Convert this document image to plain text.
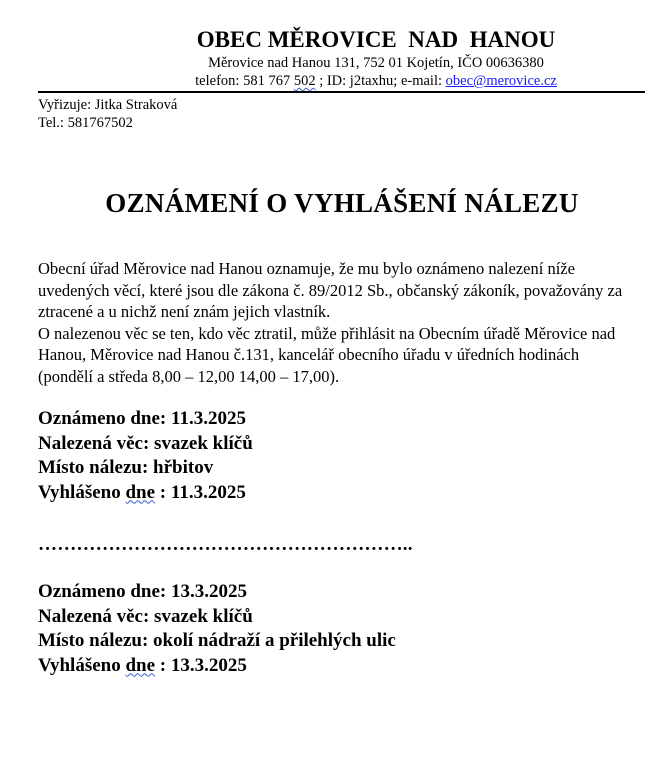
OBEC MĚROVICE  NAD  HANOU
Měrovice nad Hanou 131, 752 01 Kojetín, IČO 00636380
telefon: 581 767 502 ; ID: j2taxhu; e-mail: obec@merovice.cz
Vyřizuje: Jitka Straková
Tel.: 581767502
OZNÁMENÍ O VYHLÁŠENÍ NÁLEZU

Obecní úřad Měrovice nad Hanou oznamuje, že mu bylo oznámeno nalezení níže uvedených věcí, které jsou dle zákona č. 89/2012 Sb., občanský zákoník, považovány za ztracené a u nichž není znám jejich vlastník.

O nalezenou věc se ten, kdo věc ztratil, může přihlásit na Obecním úřadě Měrovice nad Hanou, Měrovice nad Hanou č.131, kancelář obecního úřadu v úředních hodinách (pondělí a středa 8,00 – 12,00 14,00 – 17,00).

Oznámeno dne: 11.3.2025
Nalezená věc: svazek klíčů
Místo nálezu: hřbitov
Vyhlášeno dne : 11.3.2025
…………………………………………………..
Oznámeno dne: 13.3.2025
Nalezená věc: svazek klíčů
Místo nálezu: okolí nádraží a přilehlých ulic
Vyhlášeno dne : 13.3.2025
